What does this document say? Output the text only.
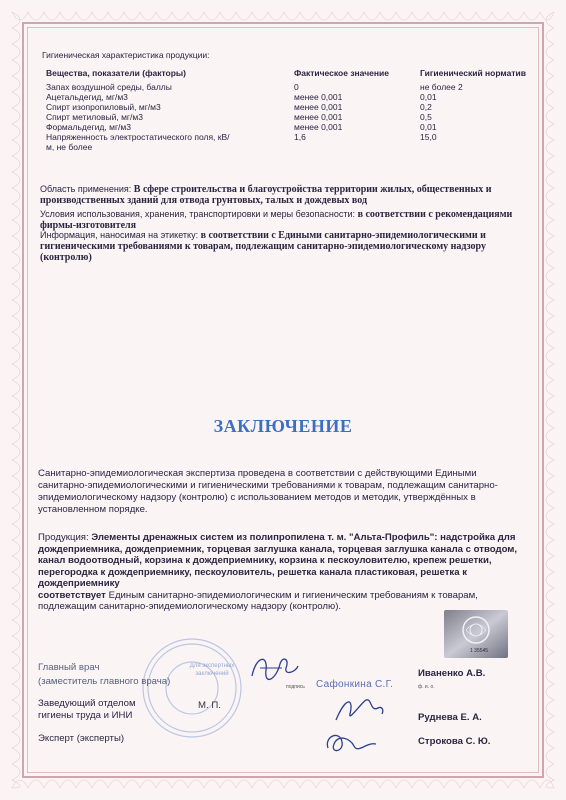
Гигиеническая характеристика продукции:
Вещества, показатели (факторы)	Фактическое значение	Гигиенический норматив
Запах воздушной среды, баллы	0	не более 2
Ацетальдегид, мг/м3	менее 0,001	0,01
Спирт изопропиловый, мг/м3	менее 0,001	0,2
Спирт метиловый, мг/м3	менее 0,001	0,5
Формальдегид, мг/м3	менее 0,001	0,01
Напряженность электростатического поля, кВ/м, не более	1,6	15,0
Область применения: В сфере строительства и благоустройства территории жилых, общественных и производственных зданий для отвода грунтовых, талых и дождевых вод
Условия использования, хранения, транспортировки и меры безопасности: в соответствии с рекомендациями фирмы-изготовителя
Информация, наносимая на этикетку: в соответствии с Едиными санитарно-эпидемиологическими и гигиеническими требованиями к товарам, подлежащим санитарно-эпидемиологическому надзору (контролю)
ЗАКЛЮЧЕНИЕ
Санитарно-эпидемиологическая экспертиза проведена в соответствии с действующими Едиными санитарно-эпидемиологическими и гигиеническими требованиями к товарам, подлежащим санитарно-эпидемиологическому надзору (контролю) с использованием методов и методик, утверждённых в установленном порядке.
Продукция: Элементы дренажных систем из полипропилена т. м. "Альта-Профиль": надстройка для дождеприемника, дождеприемник, торцевая заглушка канала, торцевая заглушка канала с отводом, канал водоотводный, корзина к дождеприемнику, корзина к пескоуловителю, крепеж решетки, перегородка к дождеприемнику, пескоуловитель, решетка канала пластиковая, решетка к дождеприемнику
соответствует Единым санитарно-эпидемиологическим и гигиеническим требованиям к товарам, подлежащим санитарно-эпидемиологическому надзору (контролю).
Для экспертных заключений
1 35545
Главный врач
(заместитель главного врача)
М. П.
Иваненко А.В.
ф. и. о.
подпись Сафонкина С.Г.
Заведующий отделом гигиены труда и ИНИ	Руднева Е. А.
Эксперт (эксперты)	Строкова С. Ю.
